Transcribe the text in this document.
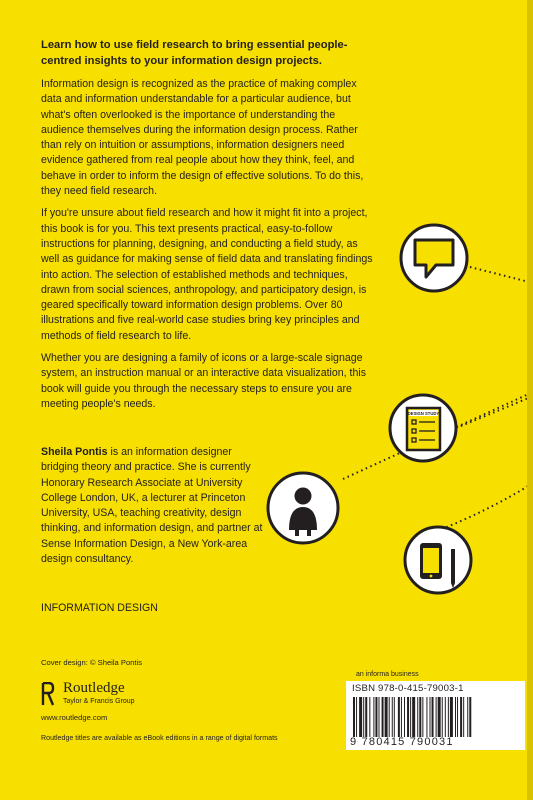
Learn how to use field research to bring essential people-centred insights to your information design projects.

Information design is recognized as the practice of making complex data and information understandable for a particular audience, but what's often overlooked is the importance of understanding the audience themselves during the information design process. Rather than rely on intuition or assumptions, information designers need evidence gathered from real people about how they think, feel, and behave in order to inform the design of effective solutions. To do this, they need field research.

If you're unsure about field research and how it might fit into a project, this book is for you. This text presents practical, easy-to-follow instructions for planning, designing, and conducting a field study, as well as guidance for making sense of field data and translating findings into action. The selection of established methods and techniques, drawn from social sciences, anthropology, and participatory design, is geared specifically toward information design problems. Over 80 illustrations and five real-world case studies bring key principles and methods of field research to life.

Whether you are designing a family of icons or a large-scale signage system, an instruction manual or an interactive data visualization, this book will guide you through the necessary steps to ensure you are meeting people's needs.

Sheila Pontis is an information designer bridging theory and practice. She is currently Honorary Research Associate at University College London, UK, a lecturer at Princeton University, USA, teaching creativity, design thinking, and information design, and partner at Sense Information Design, a New York-area design consultancy.

INFORMATION DESIGN

Cover design: © Sheila Pontis

Routledge
Taylor & Francis Group

www.routledge.com

Routledge titles are available as eBook editions in a range of digital formats

an informa business

ISBN 978-0-415-79003-1

9 780415 790031

DESIGN STUDY
